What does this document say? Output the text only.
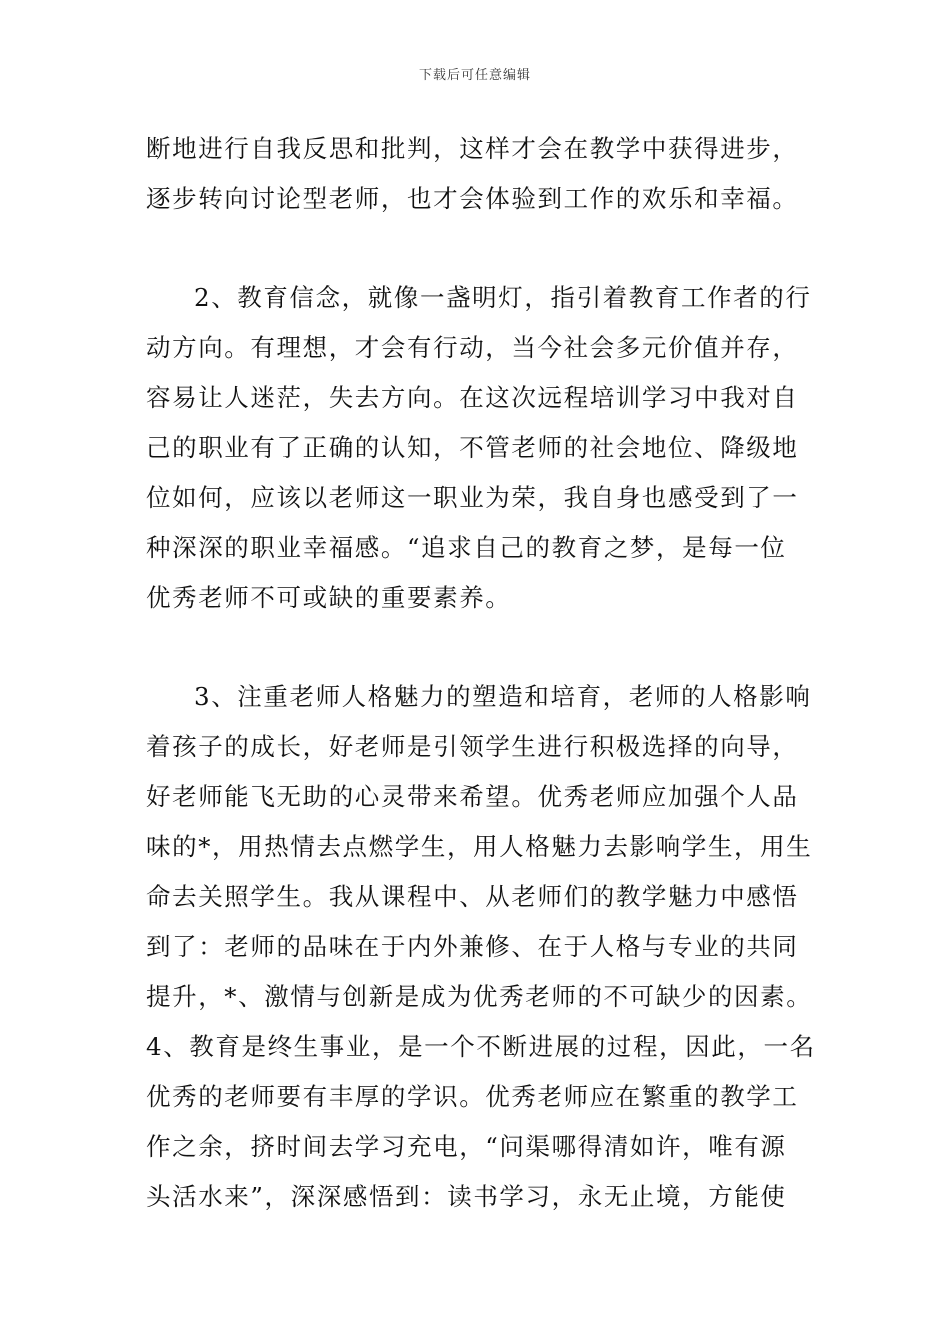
下载后可任意编辑
断地进行自我反思和批判，这样才会在教学中获得进步，
逐步转向讨论型老师，也才会体验到工作的欢乐和幸福。
2、教育信念，就像一盏明灯，指引着教育工作者的行
动方向。有理想，才会有行动，当今社会多元价值并存，
容易让人迷茫，失去方向。在这次远程培训学习中我对自
己的职业有了正确的认知，不管老师的社会地位、降级地
位如何，应该以老师这一职业为荣，我自身也感受到了一
种深深的职业幸福感。“追求自己的教育之梦，是每一位
优秀老师不可或缺的重要素养。
3、注重老师人格魅力的塑造和培育，老师的人格影响
着孩子的成长，好老师是引领学生进行积极选择的向导，
好老师能飞无助的心灵带来希望。优秀老师应加强个人品
味的*，用热情去点燃学生，用人格魅力去影响学生，用生
命去关照学生。我从课程中、从老师们的教学魅力中感悟
到了：老师的品味在于内外兼修、在于人格与专业的共同
提升，*、激情与创新是成为优秀老师的不可缺少的因素。
4、教育是终生事业，是一个不断进展的过程，因此，一名
优秀的老师要有丰厚的学识。优秀老师应在繁重的教学工
作之余，挤时间去学习充电，“问渠哪得清如许，唯有源
头活水来”，深深感悟到：读书学习，永无止境，方能使
